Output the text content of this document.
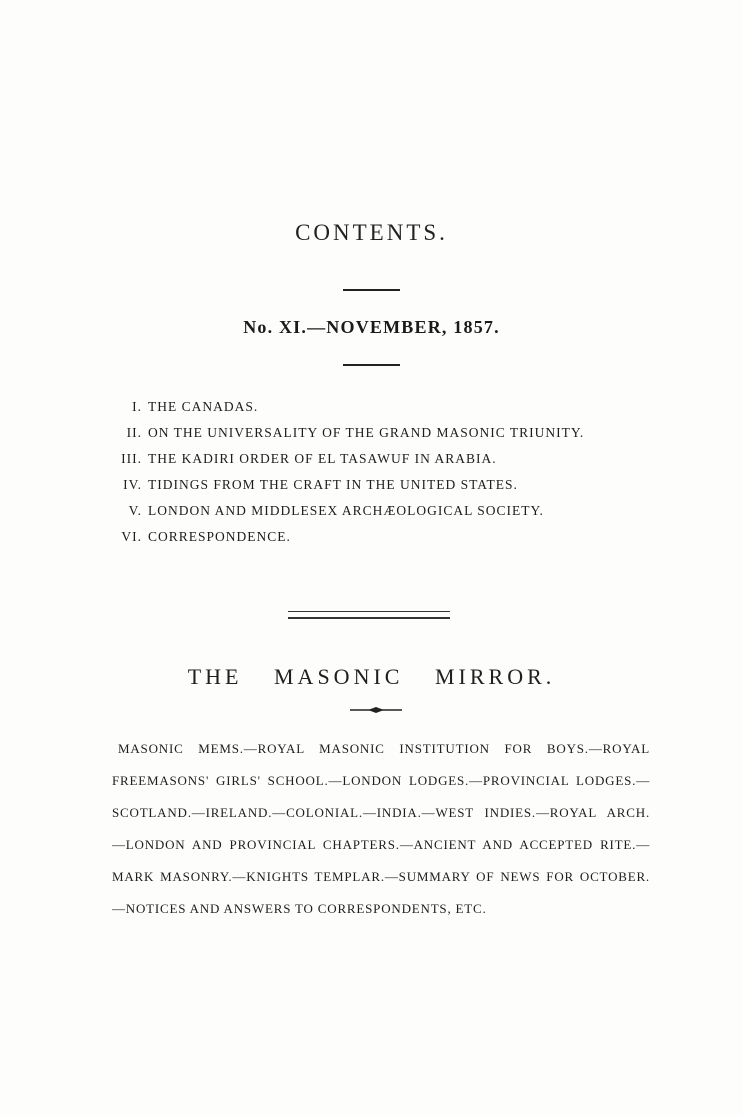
CONTENTS.
No. XI.—NOVEMBER, 1857.
I. THE CANADAS.
II. ON THE UNIVERSALITY OF THE GRAND MASONIC TRIUNITY.
III. THE KADIRI ORDER OF EL TASAWUF IN ARABIA.
IV. TIDINGS FROM THE CRAFT IN THE UNITED STATES.
V. LONDON AND MIDDLESEX ARCHÆOLOGICAL SOCIETY.
VI. CORRESPONDENCE.
THE MASONIC MIRROR.
MASONIC MEMS.—ROYAL MASONIC INSTITUTION FOR BOYS.—ROYAL FREEMASONS' GIRLS' SCHOOL.—LONDON LODGES.—PROVINCIAL LODGES.—SCOTLAND.—IRELAND.—COLONIAL.—INDIA.—WEST INDIES.—ROYAL ARCH.—LONDON AND PROVINCIAL CHAPTERS.—ANCIENT AND ACCEPTED RITE.—MARK MASONRY.—KNIGHTS TEMPLAR.—SUMMARY OF NEWS FOR OCTOBER.—NOTICES AND ANSWERS TO CORRESPONDENTS, ETC.
